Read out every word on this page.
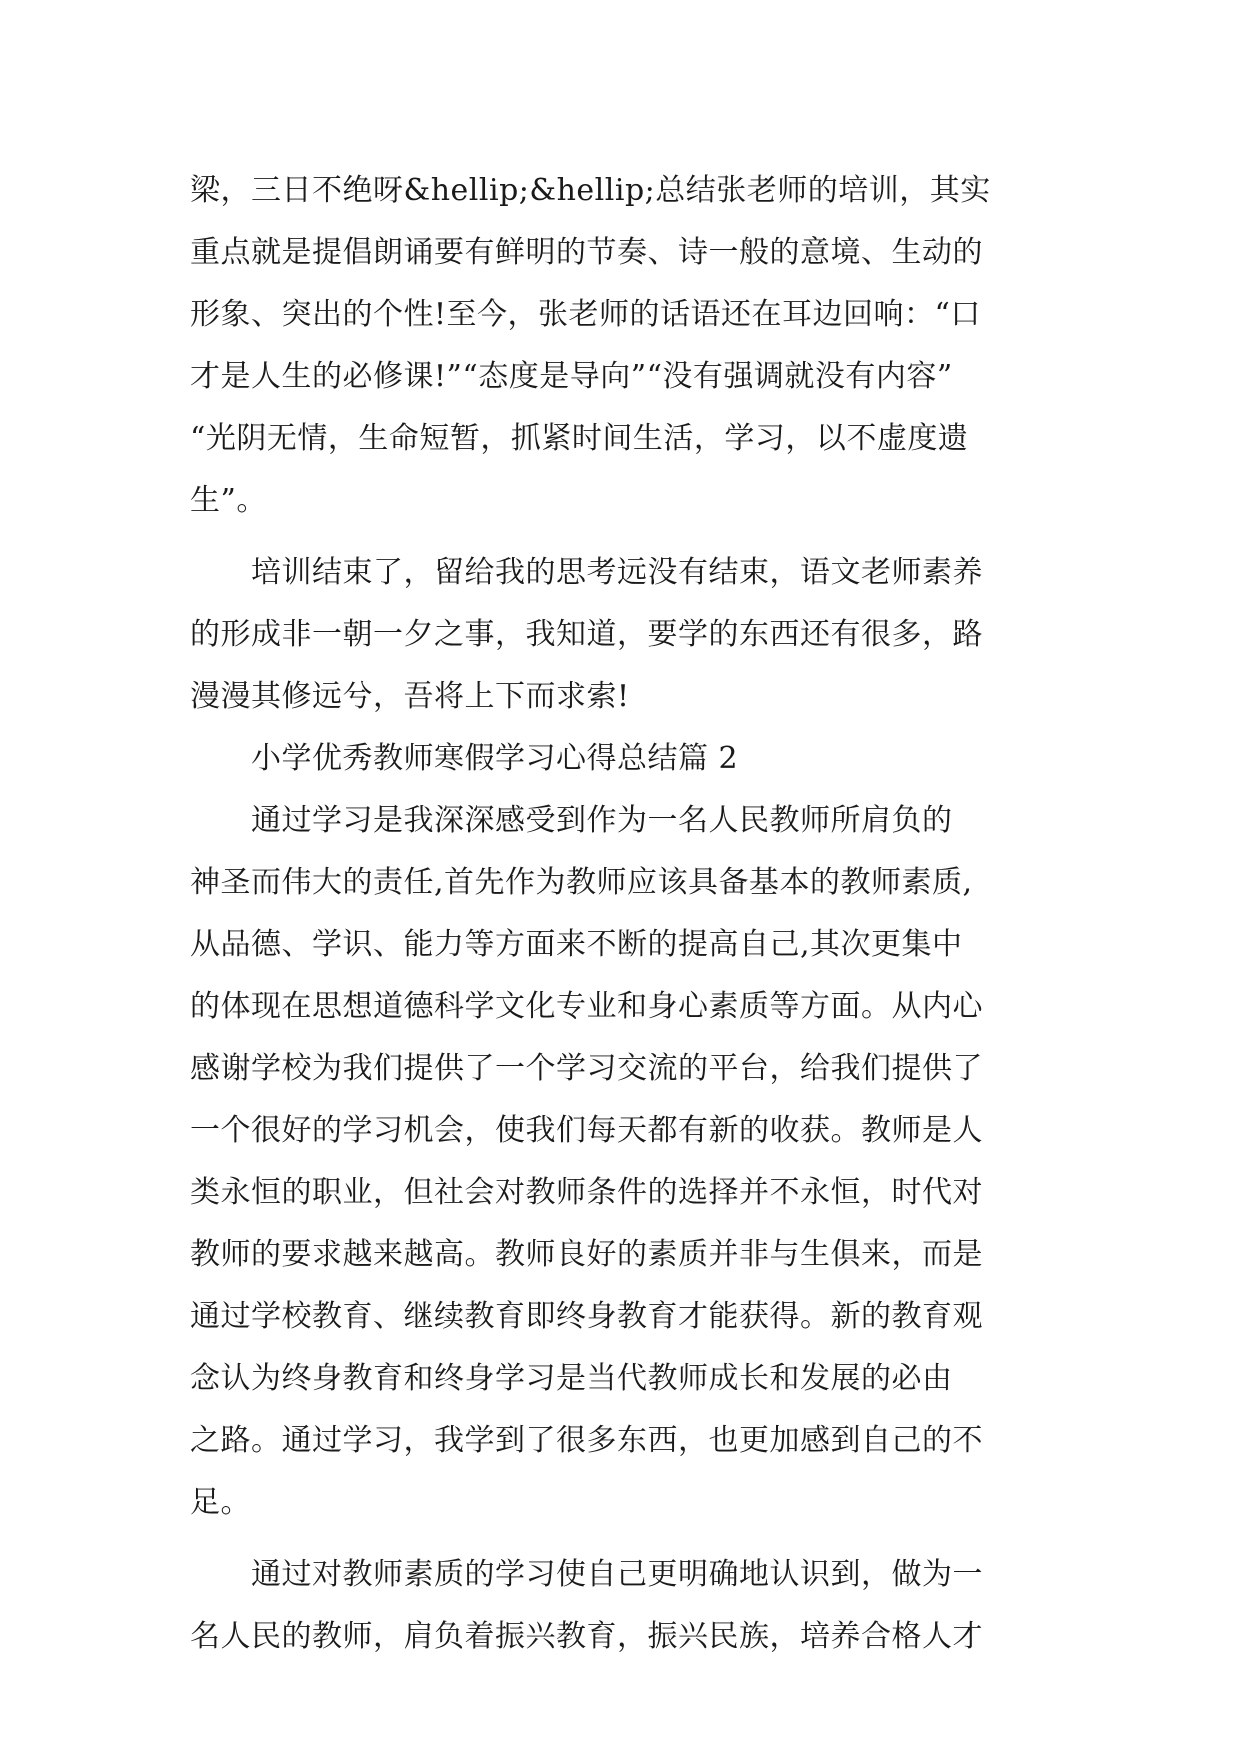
梁，三日不绝呀&hellip;&hellip;总结张老师的培训，其实
重点就是提倡朗诵要有鲜明的节奏、诗一般的意境、生动的
形象、突出的个性!至今，张老师的话语还在耳边回响：“口
才是人生的必修课!”“态度是导向”“没有强调就没有内容”
“光阴无情，生命短暂，抓紧时间生活，学习，以不虚度遗
生”。
　　培训结束了，留给我的思考远没有结束，语文老师素养
的形成非一朝一夕之事，我知道，要学的东西还有很多，路
漫漫其修远兮，吾将上下而求索!
　　小学优秀教师寒假学习心得总结篇 2
　　通过学习是我深深感受到作为一名人民教师所肩负的
神圣而伟大的责任,首先作为教师应该具备基本的教师素质,
从品德、学识、能力等方面来不断的提高自己,其次更集中
的体现在思想道德科学文化专业和身心素质等方面。从内心
感谢学校为我们提供了一个学习交流的平台，给我们提供了
一个很好的学习机会，使我们每天都有新的收获。教师是人
类永恒的职业，但社会对教师条件的选择并不永恒，时代对
教师的要求越来越高。教师良好的素质并非与生俱来，而是
通过学校教育、继续教育即终身教育才能获得。新的教育观
念认为终身教育和终身学习是当代教师成长和发展的必由
之路。通过学习，我学到了很多东西，也更加感到自己的不
足。
　　通过对教师素质的学习使自己更明确地认识到，做为一
名人民的教师，肩负着振兴教育，振兴民族，培养合格人才
